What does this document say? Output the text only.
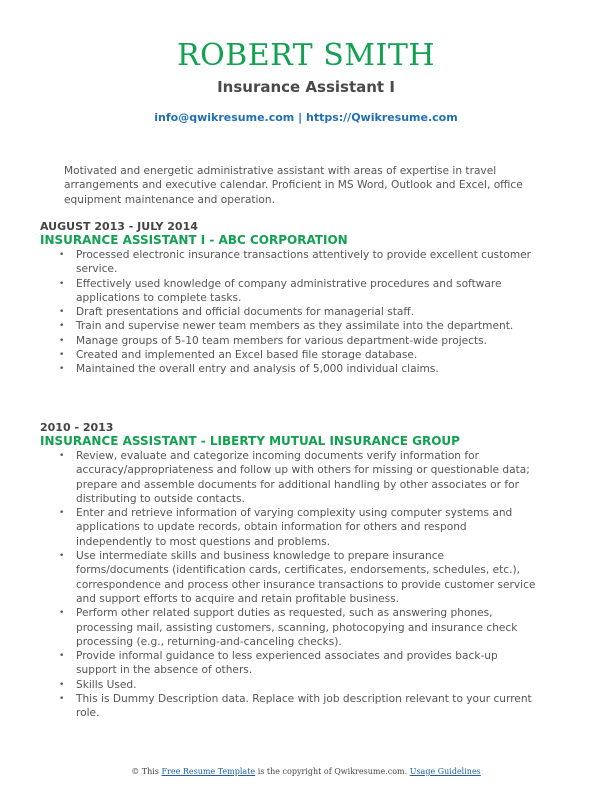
ROBERT SMITH
Insurance Assistant I
info@qwikresume.com | https://Qwikresume.com
Motivated and energetic administrative assistant with areas of expertise in travel arrangements and executive calendar. Proficient in MS Word, Outlook and Excel, office equipment maintenance and operation.
AUGUST 2013 - JULY 2014
INSURANCE ASSISTANT I - ABC CORPORATION
• Processed electronic insurance transactions attentively to provide excellent customer service.
• Effectively used knowledge of company administrative procedures and software applications to complete tasks.
• Draft presentations and official documents for managerial staff.
• Train and supervise newer team members as they assimilate into the department.
• Manage groups of 5-10 team members for various department-wide projects.
• Created and implemented an Excel based file storage database.
• Maintained the overall entry and analysis of 5,000 individual claims.
2010 - 2013
INSURANCE ASSISTANT - LIBERTY MUTUAL INSURANCE GROUP
• Review, evaluate and categorize incoming documents verify information for accuracy/appropriateness and follow up with others for missing or questionable data; prepare and assemble documents for additional handling by other associates or for distributing to outside contacts.
• Enter and retrieve information of varying complexity using computer systems and applications to update records, obtain information for others and respond independently to most questions and problems.
• Use intermediate skills and business knowledge to prepare insurance forms/documents (identification cards, certificates, endorsements, schedules, etc.), correspondence and process other insurance transactions to provide customer service and support efforts to acquire and retain profitable business.
• Perform other related support duties as requested, such as answering phones, processing mail, assisting customers, scanning, photocopying and insurance check processing (e.g., returning-and-canceling checks).
• Provide informal guidance to less experienced associates and provides back-up support in the absence of others.
• Skills Used.
• This is Dummy Description data. Replace with job description relevant to your current role.
© This Free Resume Template is the copyright of Qwikresume.com. Usage Guidelines
